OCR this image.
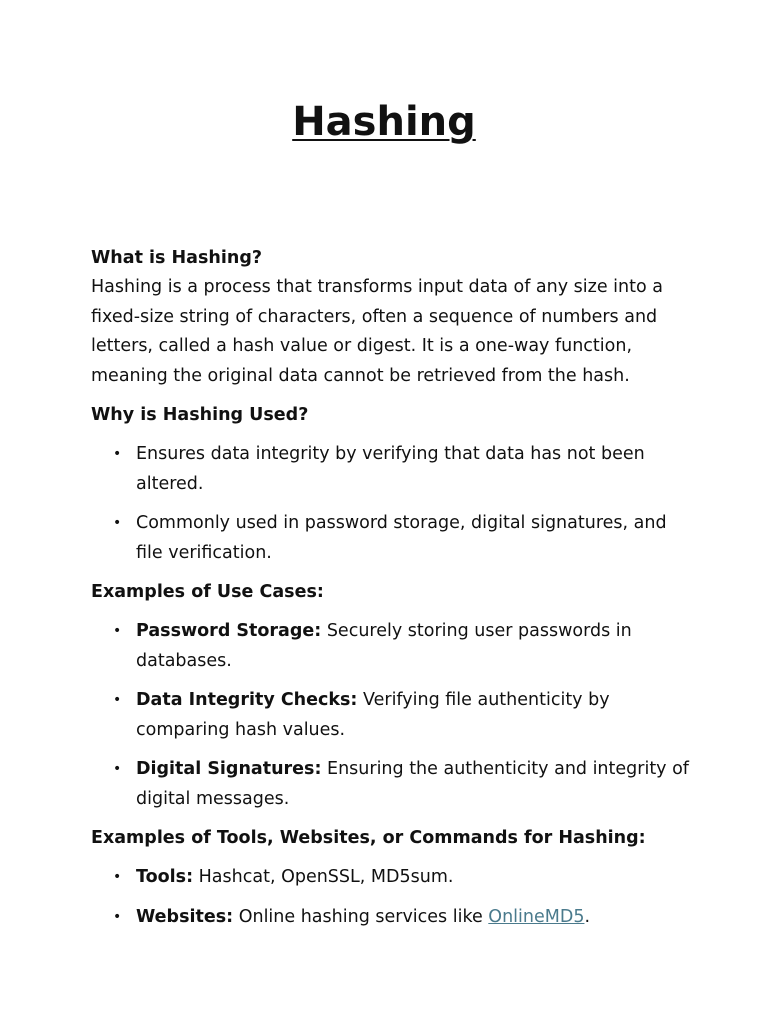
Hashing

What is Hashing?

Hashing is a process that transforms input data of any size into a fixed-size string of characters, often a sequence of numbers and letters, called a hash value or digest. It is a one-way function, meaning the original data cannot be retrieved from the hash.

Why is Hashing Used?

• Ensures data integrity by verifying that data has not been altered.
• Commonly used in password storage, digital signatures, and file verification.

Examples of Use Cases:

• Password Storage: Securely storing user passwords in databases.
• Data Integrity Checks: Verifying file authenticity by comparing hash values.
• Digital Signatures: Ensuring the authenticity and integrity of digital messages.

Examples of Tools, Websites, or Commands for Hashing:

• Tools: Hashcat, OpenSSL, MD5sum.
• Websites: Online hashing services like OnlineMD5.
